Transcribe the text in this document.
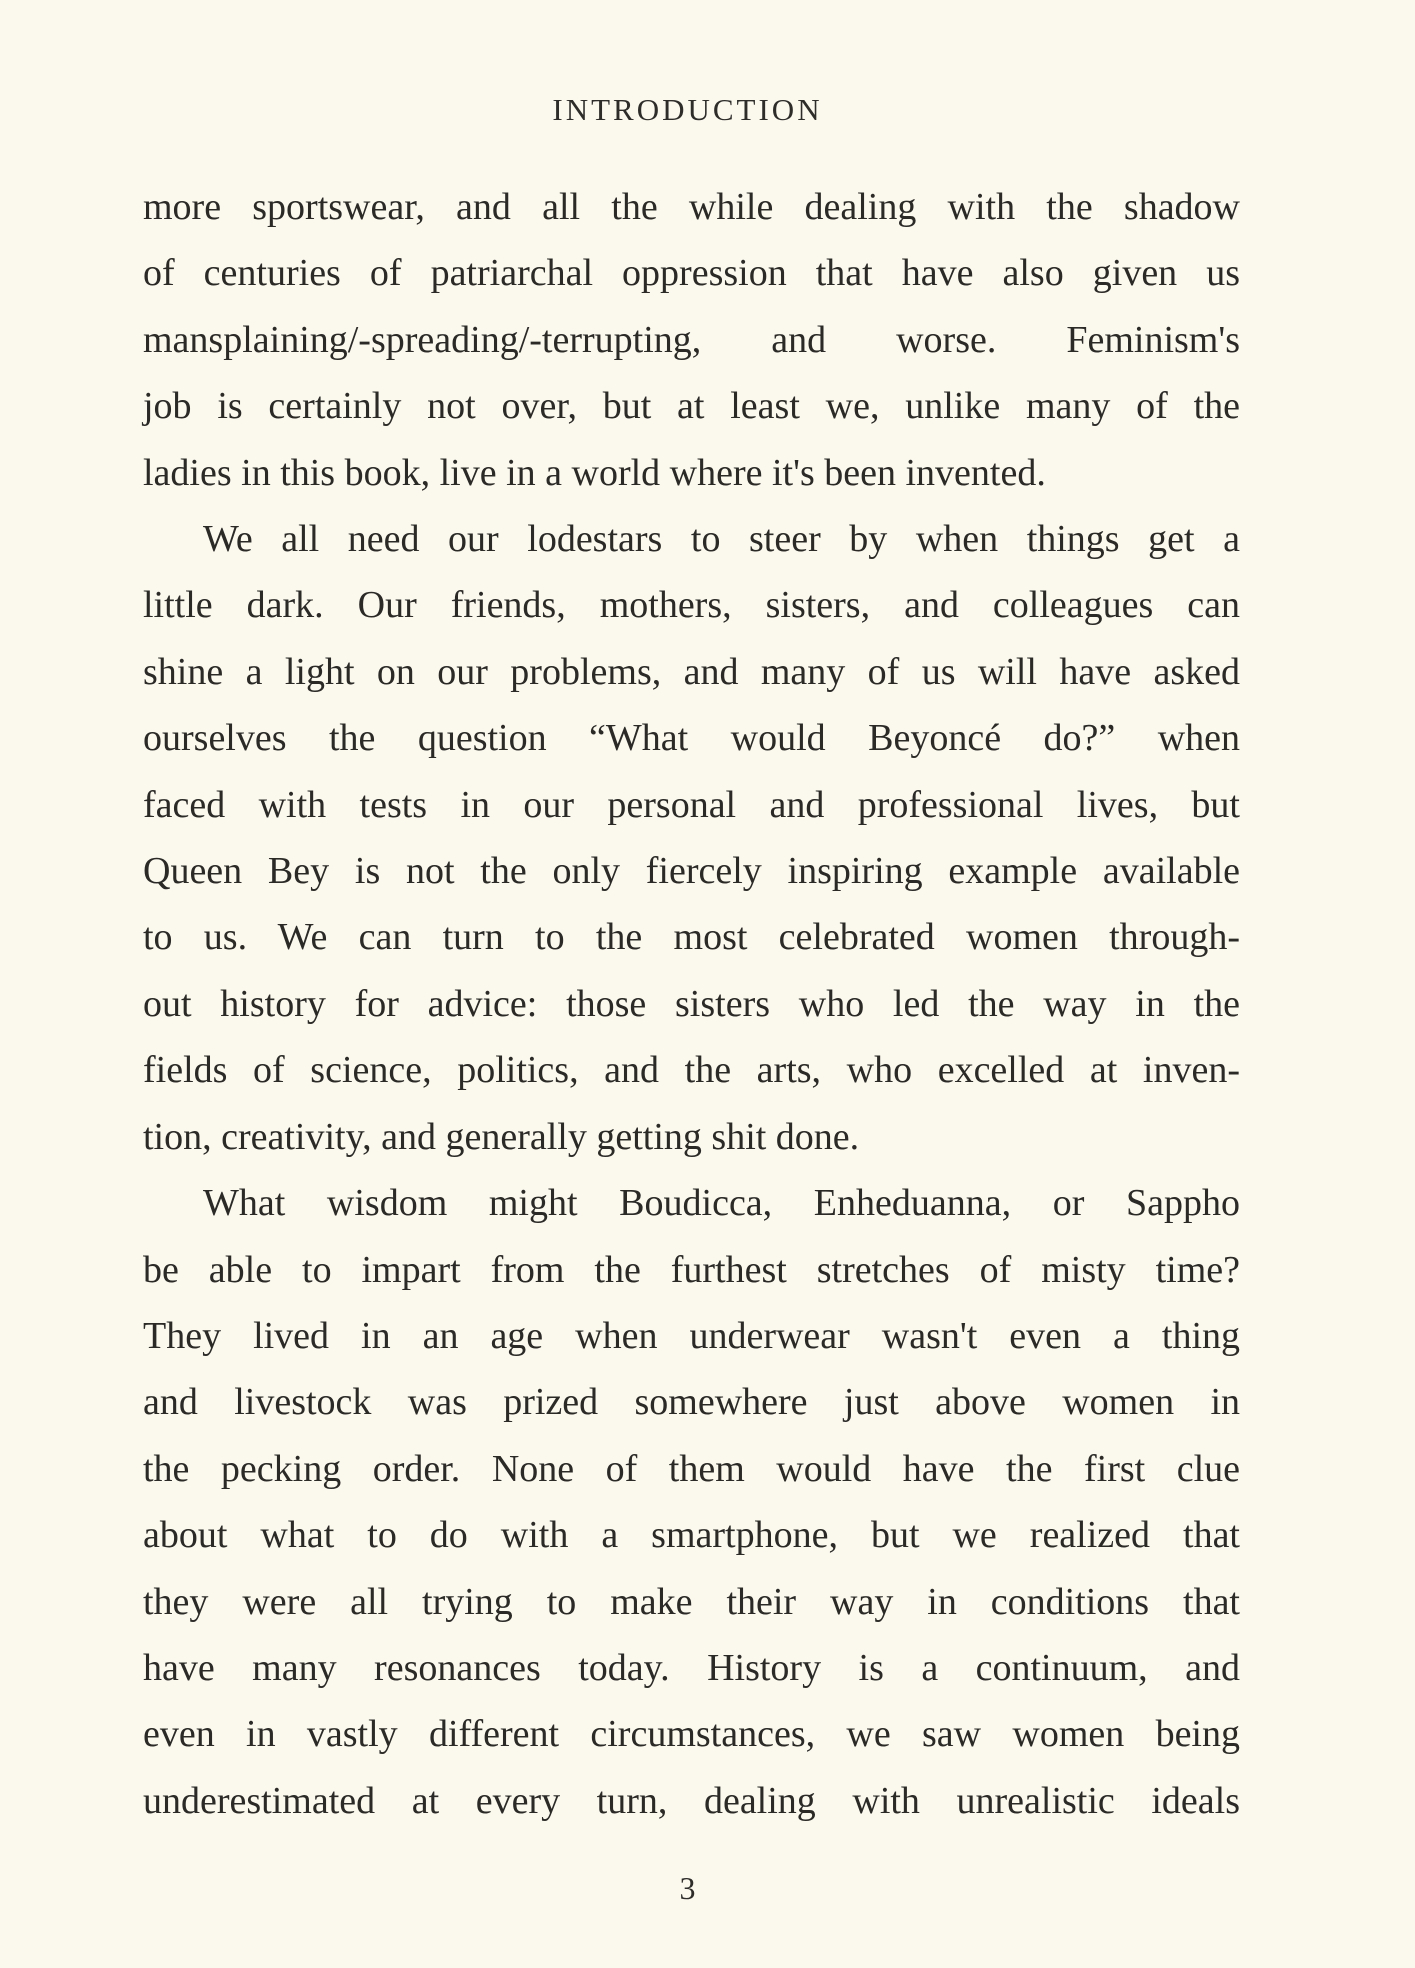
INTRODUCTION

more sportswear, and all the while dealing with the shadow
of centuries of patriarchal oppression that have also given us
mansplaining/-spreading/-terrupting, and worse. Feminism's
job is certainly not over, but at least we, unlike many of the
ladies in this book, live in a world where it's been invented.

We all need our lodestars to steer by when things get a
little dark. Our friends, mothers, sisters, and colleagues can
shine a light on our problems, and many of us will have asked
ourselves the question “What would Beyoncé do?” when
faced with tests in our personal and professional lives, but
Queen Bey is not the only fiercely inspiring example available
to us. We can turn to the most celebrated women through-
out history for advice: those sisters who led the way in the
fields of science, politics, and the arts, who excelled at inven-
tion, creativity, and generally getting shit done.

What wisdom might Boudicca, Enheduanna, or Sappho
be able to impart from the furthest stretches of misty time?
They lived in an age when underwear wasn't even a thing
and livestock was prized somewhere just above women in
the pecking order. None of them would have the first clue
about what to do with a smartphone, but we realized that
they were all trying to make their way in conditions that
have many resonances today. History is a continuum, and
even in vastly different circumstances, we saw women being
underestimated at every turn, dealing with unrealistic ideals

3
